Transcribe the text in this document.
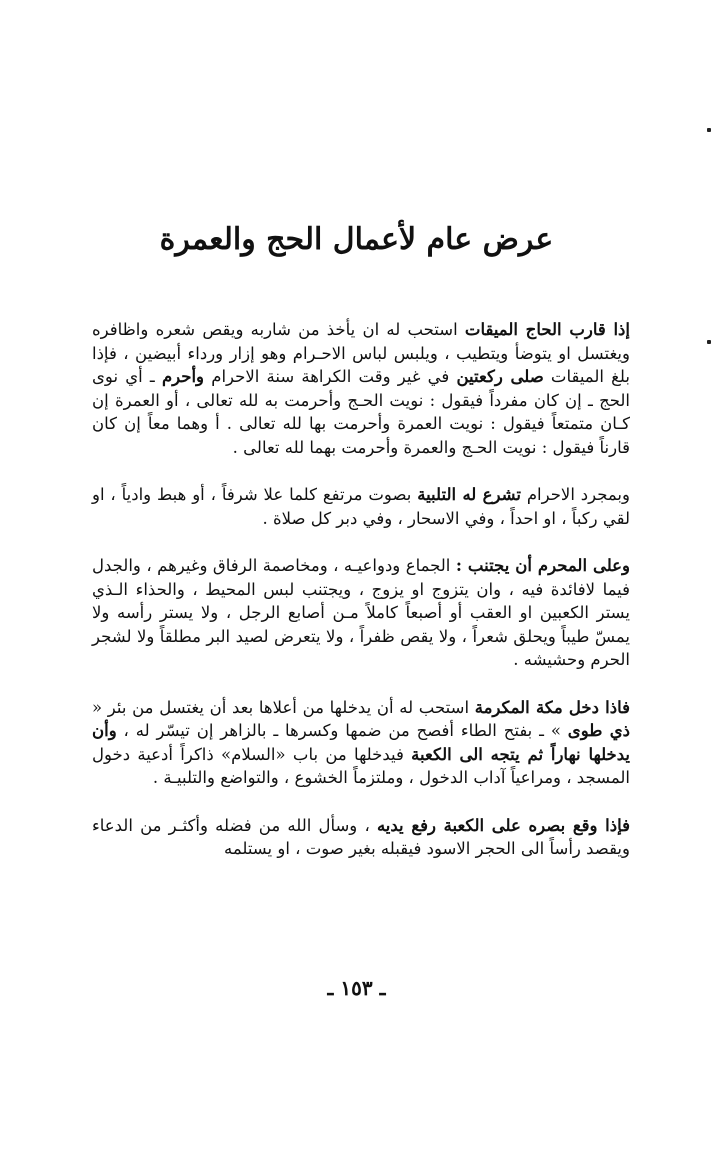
عرض عام لأعمال الحج والعمرة

إذا قارب الحاج الميقات استحب له ان يأخذ من شاربه ويقص شعره واظافره ويغتسل او يتوضأ ويتطيب ، ويلبس لباس الاحـرام وهو إزار ورداء أبيضين ، فإذا بلغ الميقات صلى ركعتين في غير وقت الكراهة سنة الاحرام وأحرم ـ أي نوى الحج ـ إن كان مفرداً فيقول : نويت الحـج وأحرمت به لله تعالى ، أو العمرة إن كـان متمتعاً فيقول : نويت العمرة وأحرمت بها لله تعالى . أ وهما معاً إن كان قارناً فيقول : نويت الحـج والعمرة وأحرمت بهما لله تعالى .

وبمجرد الاحرام تشرع له التلبية بصوت مرتفع كلما علا شرفاً ، أو هبط وادياً ، او لقي ركباً ، او احداً ، وفي الاسحار ، وفي دبر كل صلاة .

وعلى المحرم أن يجتنب : الجماع ودواعيـه ، ومخاصمة الرفاق وغيرهم ، والجدل فيما لافائدة فيه ، وان يتزوج او يزوج ، ويجتنب لبس المحيط ، والحذاء الـذي يستر الكعبين او العقب أو أصبعاً كاملاً مـن أصابع الرجل ، ولا يستر رأسه ولا يمسّ طيباً ويحلق شعراً ، ولا يقص ظفراً ، ولا يتعرض لصيد البر مطلقاً ولا لشجر الحرم وحشيشه .

فاذا دخل مكة المكرمة استحب له أن يدخلها من أعلاها بعد أن يغتسل من بئر « ذي طوى » ـ بفتح الطاء أفصح من ضمها وكسرها ـ بالزاهر إن تيسّر له ، وأن يدخلها نهاراً ثم يتجه الى الكعبة فيدخلها من باب «السلام» ذاكراً أدعية دخول المسجد ، ومراعياً آداب الدخول ، وملتزماً الخشوع ، والتواضع والتلبيـة .

فإذا وقع بصره على الكعبة رفع يديه ، وسأل الله من فضله وأكثـر من الدعاء ويقصد رأساً الى الحجر الاسود فيقبله بغير صوت ، او يستلمه

ـ ١٥٣ ـ
